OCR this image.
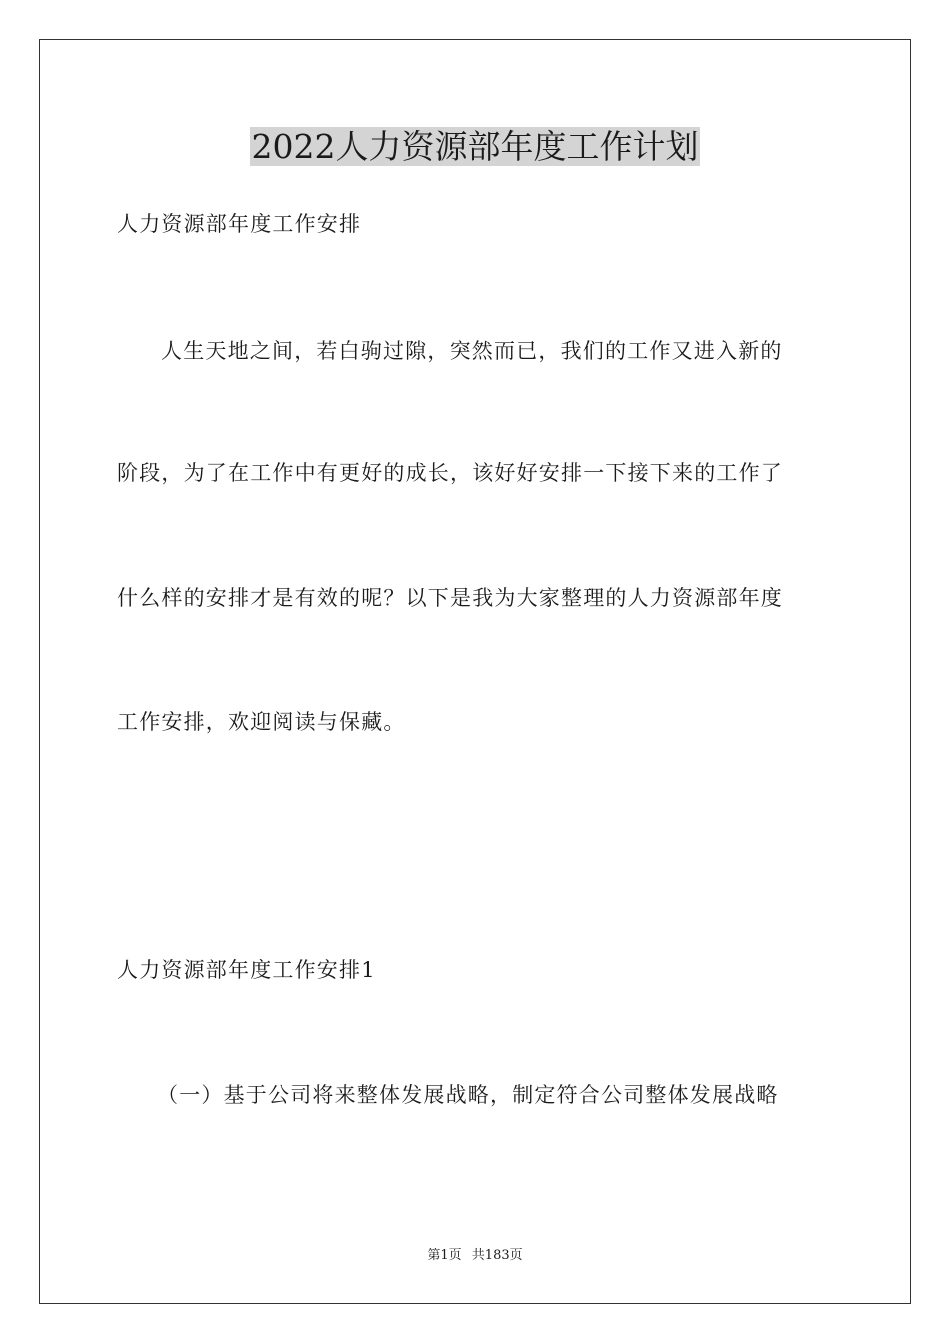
2022人力资源部年度工作计划
人力资源部年度工作安排
人生天地之间，若白驹过隙，突然而已，我们的工作又进入新的
阶段，为了在工作中有更好的成长，该好好安排一下接下来的工作了
什么样的安排才是有效的呢？以下是我为大家整理的人力资源部年度
工作安排，欢迎阅读与保藏。
人力资源部年度工作安排1
（一）基于公司将来整体发展战略，制定符合公司整体发展战略
第1页 共183页
